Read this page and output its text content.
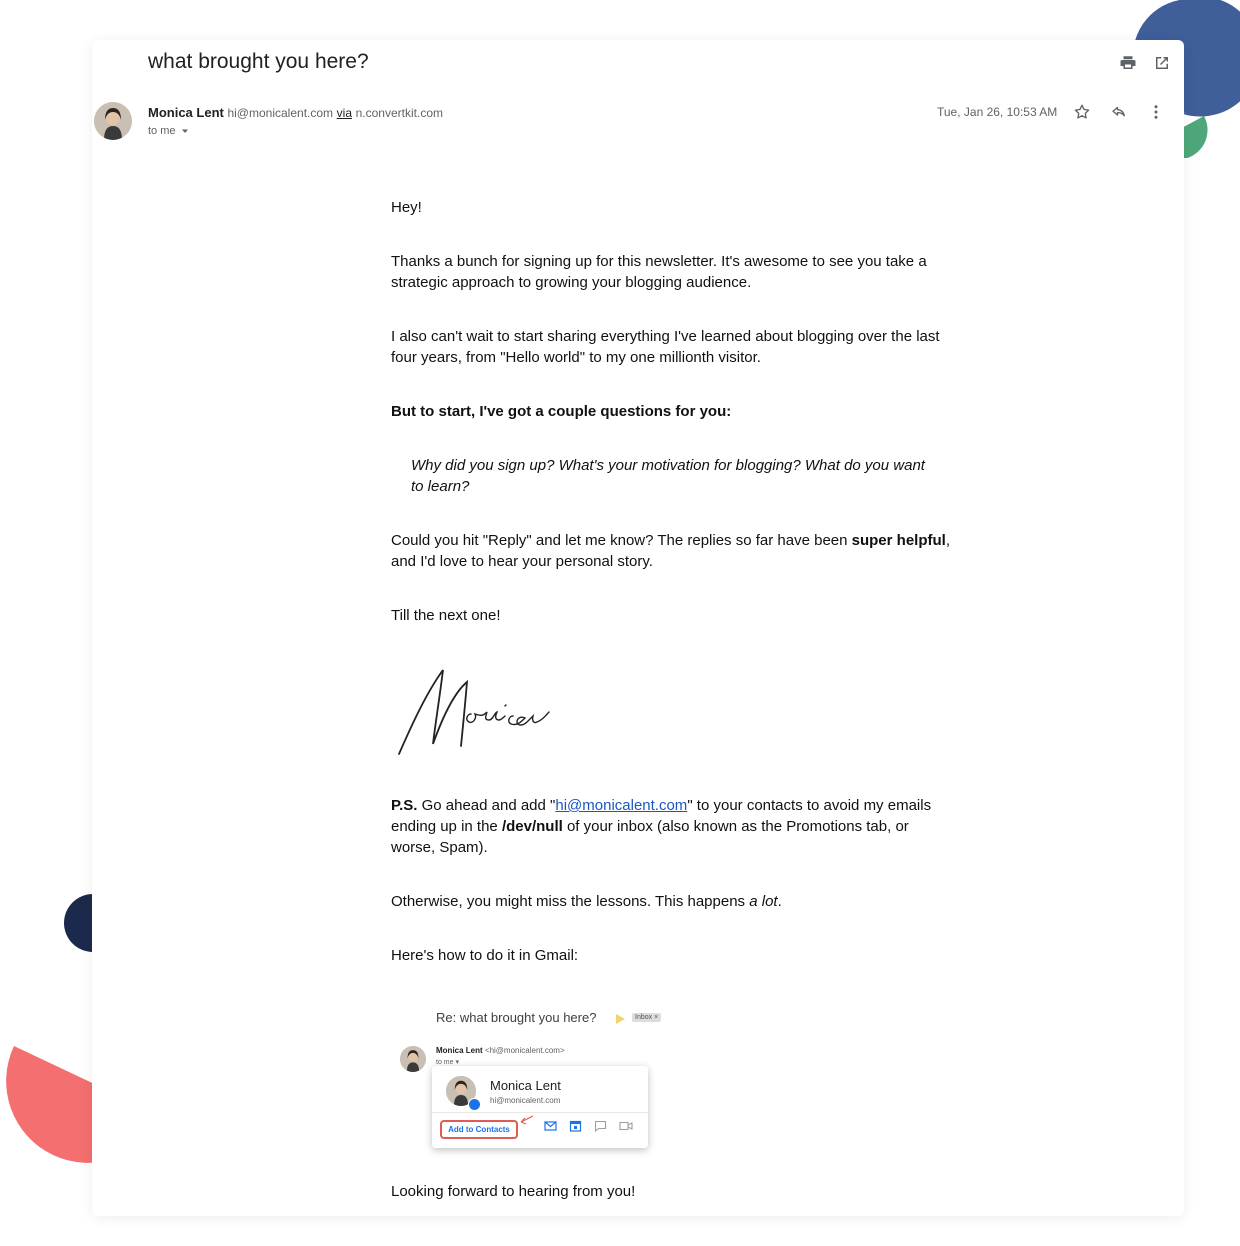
what brought you here?
Monica Lent hi@monicalent.com via n.convertkit.com
to me
Tue, Jan 26, 10:53 AM

Hey!

Thanks a bunch for signing up for this newsletter. It's awesome to see you take a strategic approach to growing your blogging audience.

I also can't wait to start sharing everything I've learned about blogging over the last four years, from "Hello world" to my one millionth visitor.

But to start, I've got a couple questions for you:

Why did you sign up? What's your motivation for blogging? What do you want to learn?

Could you hit "Reply" and let me know? The replies so far have been super helpful, and I'd love to hear your personal story.

Till the next one!

P.S. Go ahead and add "hi@monicalent.com" to your contacts to avoid my emails ending up in the /dev/null of your inbox (also known as the Promotions tab, or worse, Spam).

Otherwise, you might miss the lessons. This happens a lot.

Here's how to do it in Gmail:

Looking forward to hearing from you!

Re: what brought you here?	Inbox ×
Monica Lent <hi@monicalent.com>
to me ▾
Monica Lent
hi@monicalent.com
Add to Contacts
